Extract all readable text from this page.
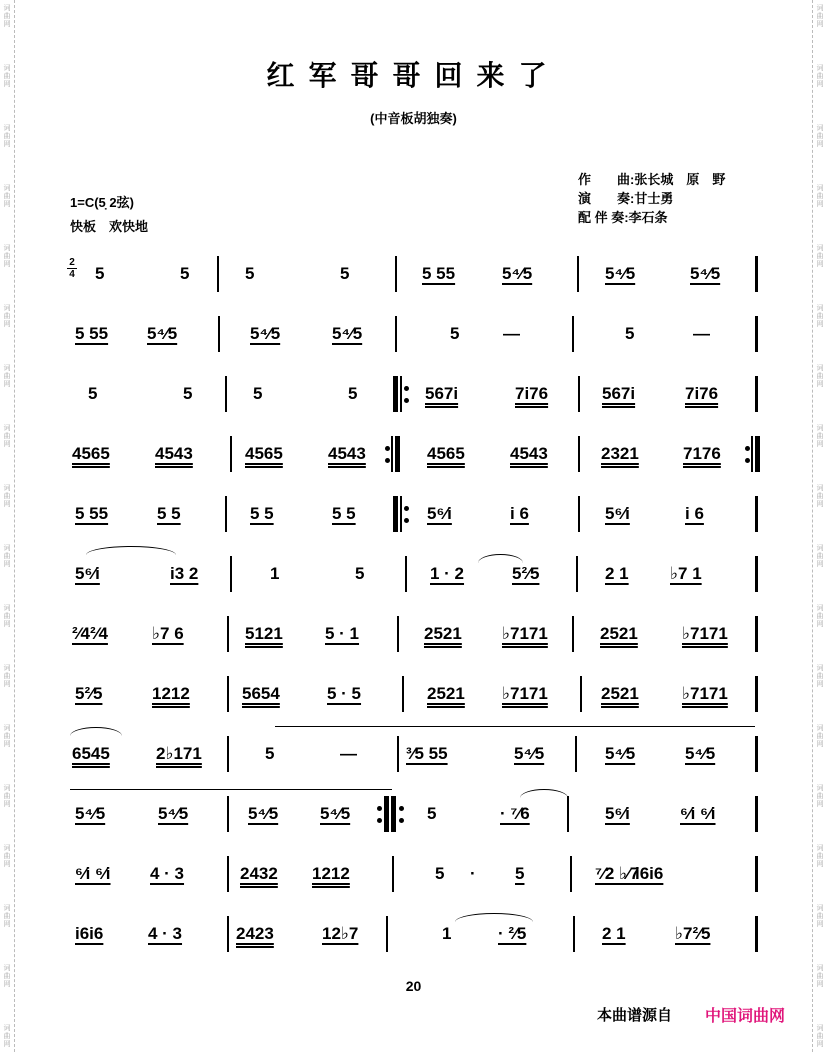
词
曲
网
词
曲
网
词
曲
网
词
曲
网
词
曲
网
词
曲
网
词
曲
网
词
曲
网
词
曲
网
词
曲
网
词
曲
网
词
曲
网
词
曲
网
词
曲
网
词
曲
网
词
曲
网
词
曲
网
词
曲
网
词
曲
网
词
曲
网
词
曲
网
词
曲
网
词
曲
网
词
曲
网
词
曲
网
词
曲
网
词
曲
网
词
曲
网
词
曲
网
词
曲
网
词
曲
网
词
曲
网
词
曲
网
词
曲
网
词
曲
网
词
曲
网
红军哥哥回来了
(中音板胡独奏)
作　　曲:张长城　原　野
演　　奏:甘士勇
配 伴 奏:李石条
1=C(5̣ 2弦)
快板　欢快地
2
4 5	5	5	5	5 55	5⁴⁄5	5⁴⁄5	5⁴⁄5
5 55 5⁴⁄5	5⁴⁄5	5⁴⁄5	5	—	5	—
5	5	5	5	567i	7i76	567i	7i76
4565	4543	4565	4543	4565	4543	2321	7176
5 55	5 5	5 5	5 5	5⁶⁄i	i 6	5⁶⁄i	i 6
5⁶⁄i	i3 2	1	5	1 · 2	5²⁄5	2 1 ♭7 1
²⁄4²⁄4	♭7 6	5121 5 · 1	2521 ♭7171	2521	♭7171
5²⁄5	1212	5654	5 · 5	2521 ♭7171	2521	♭7171
6545	2♭171	5	—	³⁄5 55	5⁴⁄5	5⁴⁄5	5⁴⁄5
5⁴⁄5	5⁴⁄5	5⁴⁄5 5⁴⁄5	5	· ⁷⁄6	5⁶⁄i	⁶⁄i ⁶⁄i
⁶⁄i ⁶⁄i 4 · 3	2432 1212	5 · 5	⁷⁄2 ♭⁄7
i6i6
i6i6	4 · 3	2423	12♭7	1	· ²⁄5	2 1	♭7²⁄5
20
本曲谱源自 中国词曲网
